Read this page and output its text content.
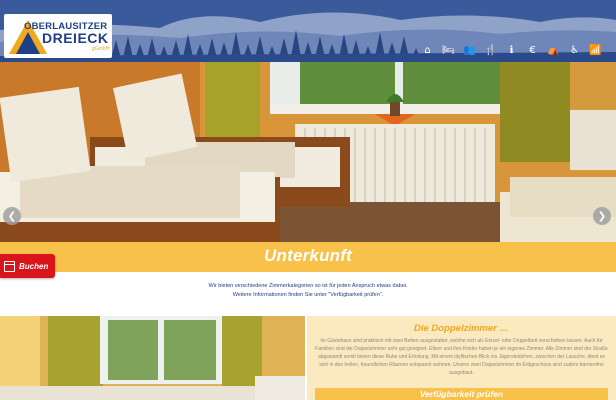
OBERLAUSITZER
DREIECK
gGmbH	⌂	🛏 👥 🍴	ℹ	€	⛺	♿	📶
❮	❯
Unterkunft
Buchen
Wir bieten verschiedene Zimmerkategorien so ist für jeden Anspruch etwas dabei.
Weitere Informationen finden Sie unter "Verfügbarkeit prüfen".
Die Doppelzimmer …

Im Gästehaus sind praktisch mit zwei Betten ausgestattet, welche sich als Einzel- oder Doppelbett verschieben lassen. Auch für Familien sind die Doppelzimmer sehr gut geeignet. Eltern und ihre Kinder haben je ein eigenes Zimmer. Alle Zimmer sind der Straße abgewandt somit bieten diese Ruhe und Erholung. Mit einem idyllischen Blick ins Jägersteldchen, zwischen der Lausche, dient es sich in den hellen, freundlichen Räumen entspannt wohnen. Unsere zwei Doppelzimmer im Erdgeschoss sind zudem barrierefrei ausgebaut.

Verfügbarkeit prüfen
